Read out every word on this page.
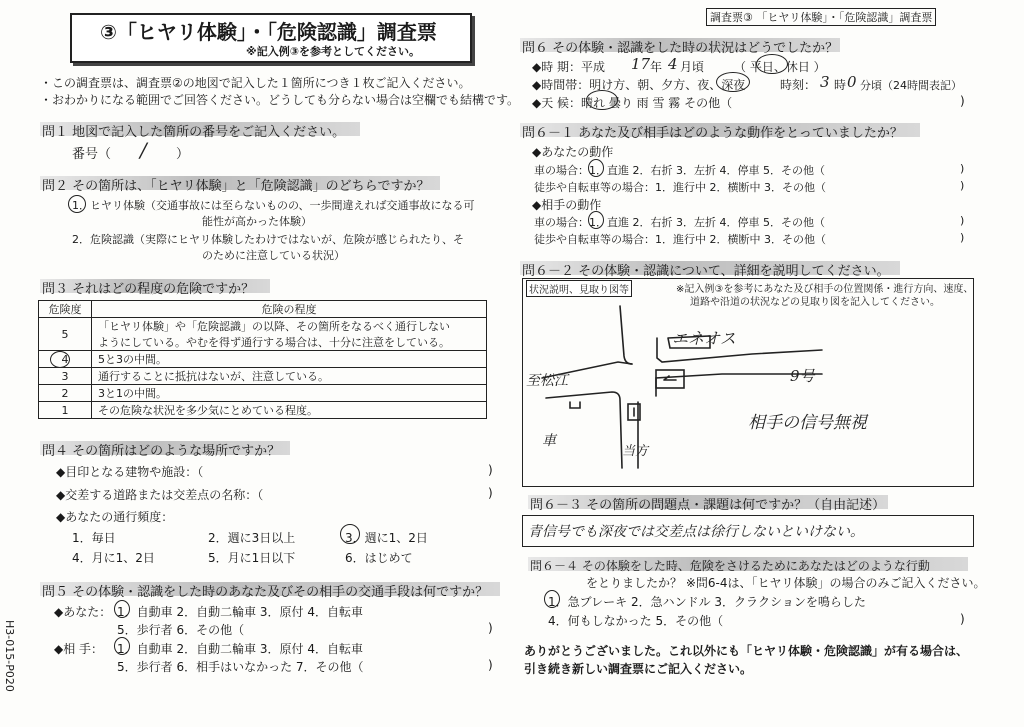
③「ヒヤリ体験」・「危険認識」調査票
※記入例③を参考としてください。
調査票③ 「ヒヤリ体験」・「危険認識」調査票
H3-015-P020
・この調査票は、調査票②の地図で記入した１箇所につき１枚ご記入ください。
・おわかりになる範囲でご回答ください。どうしても分らない場合は空欄でも結構です。
問１ 地図で記入した箇所の番号をご記入ください。
番号（ / ）
問２ その箇所は、「ヒヤリ体験」と「危険認識」のどちらですか？
1．ヒヤリ体験（交通事故には至らないものの、一歩間違えれば交通事故になる可
能性が高かった体験）
2．危険認識（実際にヒヤリ体験したわけではないが、危険が感じられたり、そ
のために注意している状況）
問３ それはどの程度の危険ですか？
危険度	危険の程度
5	「ヒヤリ体験」や「危険認識」の以降、その箇所をなるべく通行しない
ようにしている。やむを得ず通行する場合は、十分に注意をしている。

4	5と3の中間。
3	通行することに抵抗はないが、注意している。
2	3と1の中間。
1	その危険な状況を多少気にとめている程度。
問４ その箇所はどのような場所ですか？
◆目印となる建物や施設：（	)
◆交差する道路または交差点の名称：（	)
◆あなたの通行頻度：
1．毎日	2．週に3日以上	3．週に1、2日
4．月に1、2日	5．月に1日以下	6．はじめて
問５ その体験・認識をした時のあなた及びその相手の交通手段は何ですか？
◆あなた： 1．自動車 2．自動二輪車 3．原付 4．自転車
5．歩行者 6．その他（	)
◆相 手： 1．自動車 2．自動二輪車 3．原付 4．自転車
5．歩行者 6．相手はいなかった 7．その他（	)
問６ その体験・認識をした時の状況はどうでしたか？
◆時 期：平成 17 年 4 月頃 （ 平日、休日 ）
◆時間帯：明け方、朝、夕方、夜、深夜	時刻： 3 時 0 分頃（24時間表記）
◆天 候：晴れ 曇り 雨 雪 霧 その他（	)
問６－１ あなた及び相手はどのような動作をとっていましたか？
◆あなたの動作
車の場合：1．直進 2．右折 3．左折 4．停車 5．その他（	)
徒歩や自転車等の場合：1．進行中 2．横断中 3．その他（	)
◆相手の動作
車の場合：1．直進 2．右折 3．左折 4．停車 5．その他（	)
徒歩や自転車等の場合：1．進行中 2．横断中 3．その他（	)
問６－２ その体験・認識について、詳細を説明してください。
状況説明、見取り図等	※記入例③を参考にあなた及び相手の位置関係・進行方向、速度、
道路や沿道の状況などの見取り図を記入してください。
エネオス
至松江	9号
車
相手の信号無視
当方
問６－３ その箇所の問題点・課題は何ですか？（自由記述）
青信号でも深夜では交差点は徐行しないといけない。
問６－４ その体験をした時、危険をさけるためにあなたはどのような行動
をとりましたか？ ※問6-4は、「ヒヤリ体験」の場合のみご記入ください。
1．急ブレーキ 2．急ハンドル 3．クラクションを鳴らした
4．何もしなかった 5．その他（	)
ありがとうございました。これ以外にも「ヒヤリ体験・危険認識」が有る場合は、
引き続き新しい調査票にご記入ください。
